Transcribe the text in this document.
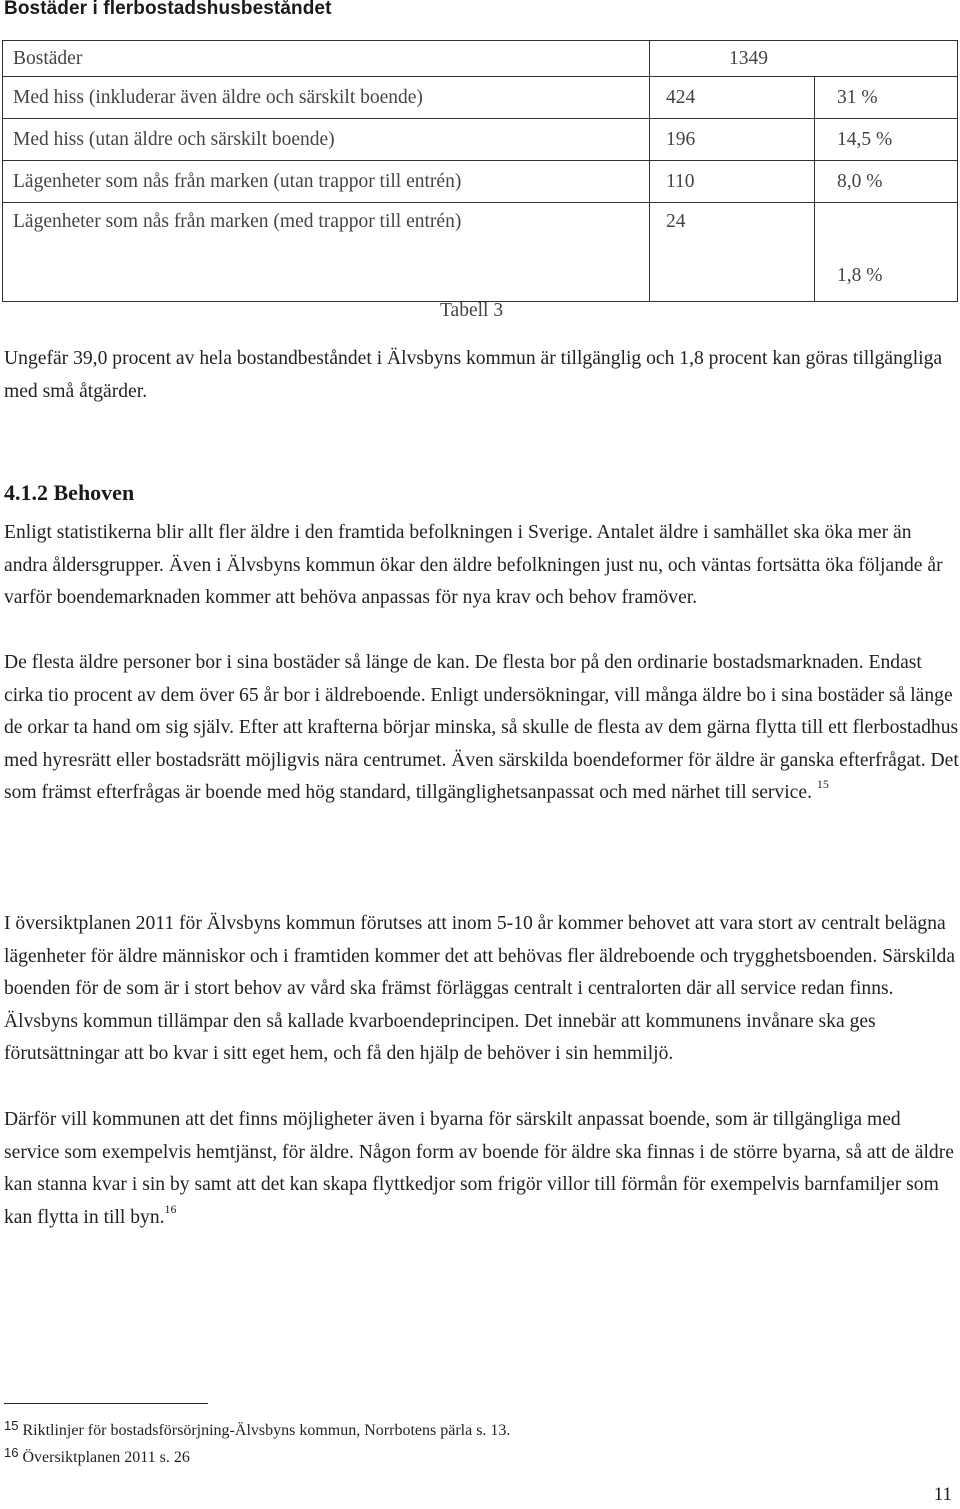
Bostäder i flerbostadshusbeståndet
Bostäder	1349	
Med hiss (inkluderar även äldre och särskilt boende)	424	31 %
Med hiss (utan äldre och särskilt boende)	196	14,5 %
Lägenheter som nås från marken (utan trappor till entrén)	110	8,0 %
Lägenheter som nås från marken (med trappor till entrén)	24	1,8 %
Tabell 3

Ungefär 39,0 procent av hela bostandbeståndet i Älvsbyns kommun är tillgänglig och 1,8 procent kan göras tillgängliga med små åtgärder.

4.1.2 Behoven

Enligt statistikerna blir allt fler äldre i den framtida befolkningen i Sverige. Antalet äldre i samhället ska öka mer än andra åldersgrupper. Även i Älvsbyns kommun ökar den äldre befolkningen just nu, och väntas fortsätta öka följande år varför boendemarknaden kommer att behöva anpassas för nya krav och behov framöver.

De flesta äldre personer bor i sina bostäder så länge de kan. De flesta bor på den ordinarie bostadsmarknaden. Endast cirka tio procent av dem över 65 år bor i äldreboende. Enligt undersökningar, vill många äldre bo i sina bostäder så länge de orkar ta hand om sig själv. Efter att krafterna börjar minska, så skulle de flesta av dem gärna flytta till ett flerbostadhus med hyresrätt eller bostadsrätt möjligvis nära centrumet. Även särskilda boendeformer för äldre är ganska efterfrågat. Det som främst efterfrågas är boende med hög standard, tillgänglighetsanpassat och med närhet till service. $^{15}$

I översiktplanen 2011 för Älvsbyns kommun förutses att inom 5-10 år kommer behovet att vara stort av centralt belägna lägenheter för äldre människor och i framtiden kommer det att behövas fler äldreboende och trygghetsboenden. Särskilda boenden för de som är i stort behov av vård ska främst förläggas centralt i centralorten där all service redan finns. Älvsbyns kommun tillämpar den så kallade kvarboendeprincipen. Det innebär att kommunens invånare ska ges förutsättningar att bo kvar i sitt eget hem, och få den hjälp de behöver i sin hemmiljö.

Därför vill kommunen att det finns möjligheter även i byarna för särskilt anpassat boende, som är tillgängliga med service som exempelvis hemtjänst, för äldre. Någon form av boende för äldre ska finnas i de större byarna, så att de äldre kan stanna kvar i sin by samt att det kan skapa flyttkedjor som frigör villor till förmån för exempelvis barnfamiljer som kan flytta in till byn.$^{16}$

$^{15}$ Riktlinjer för bostadsförsörjning-Älvsbyns kommun, Norrbotens pärla s. 13.
$^{16}$ Översiktplanen 2011 s. 26
11
